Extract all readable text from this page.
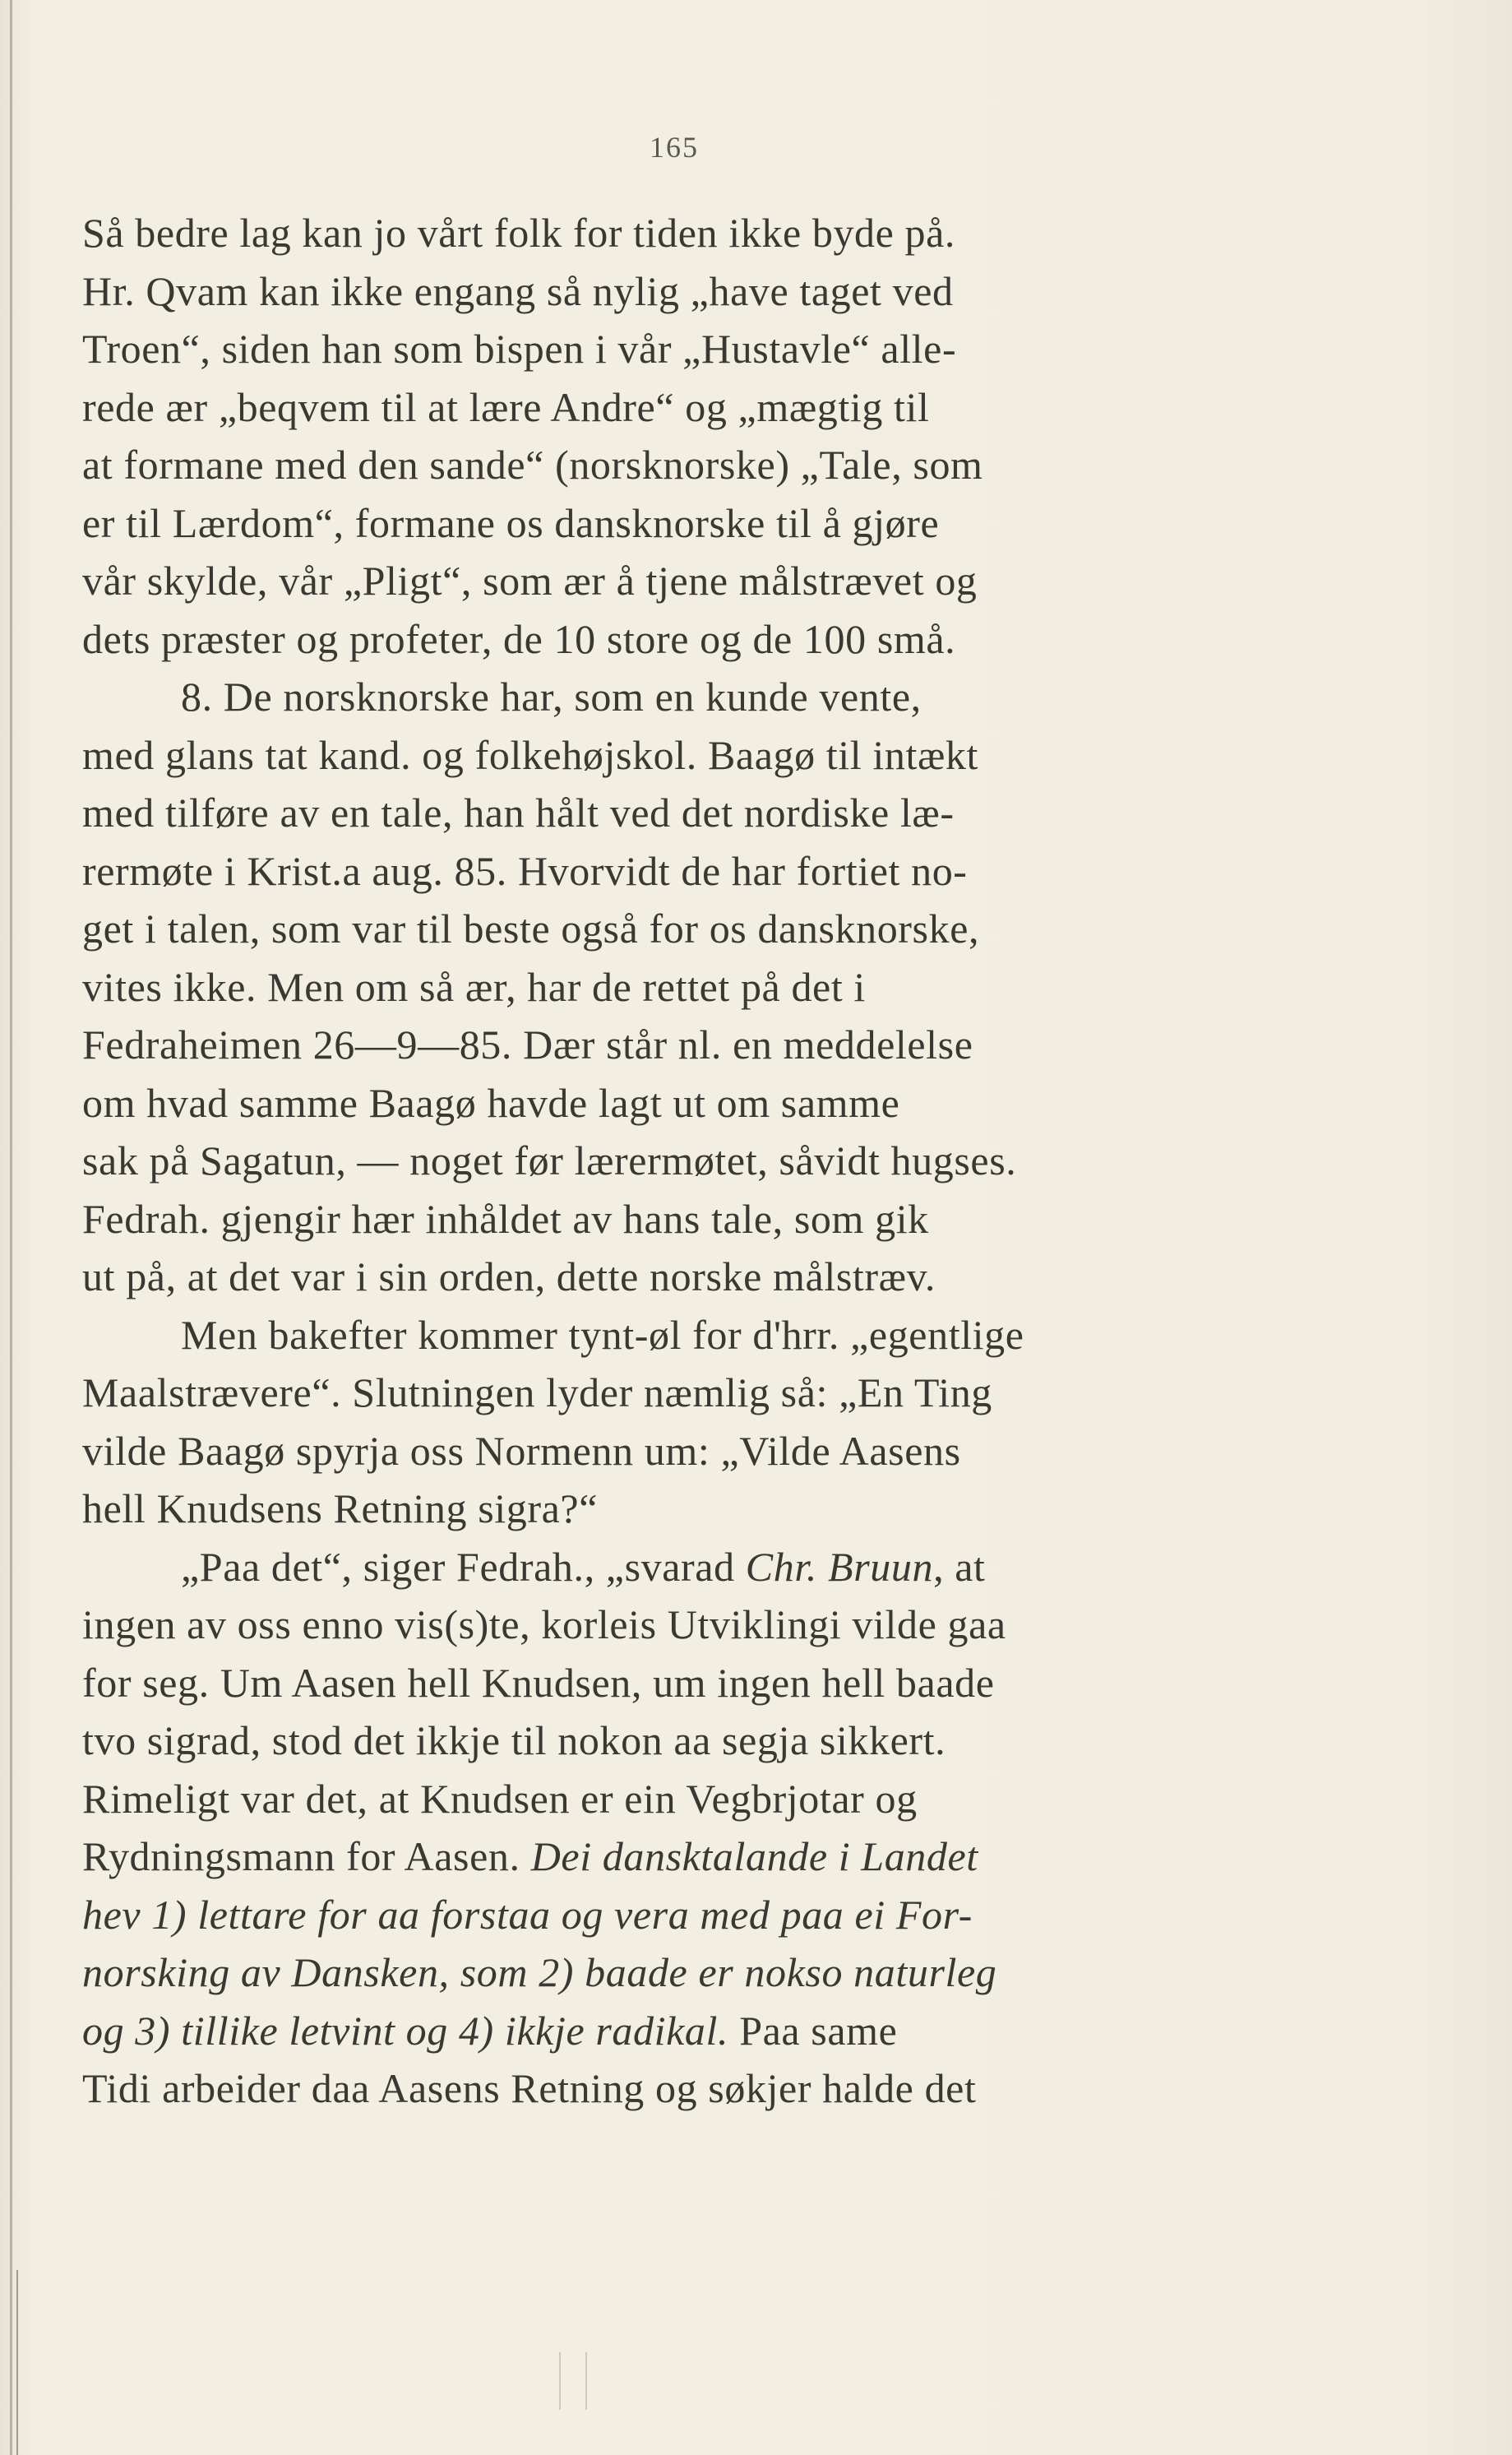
165
Så bedre lag kan jo vårt folk for tiden ikke byde på.
Hr. Qvam kan ikke engang så nylig „have taget ved
Troen“, siden han som bispen i vår „Hustavle“ alle-
rede ær „beqvem til at lære Andre“ og „mægtig til
at formane med den sande“ (norsknorske) „Tale, som
er til Lærdom“, formane os dansknorske til å gjøre
vår skylde, vår „Pligt“, som ær å tjene målstrævet og
dets præster og profeter, de 10 store og de 100 små.
8. De norsknorske har, som en kunde vente,
med glans tat kand. og folkehøjskol. Baagø til intækt
med tilføre av en tale, han hålt ved det nordiske læ-
rermøte i Krist.a aug. 85. Hvorvidt de har fortiet no-
get i talen, som var til beste også for os dansknorske,
vites ikke. Men om så ær, har de rettet på det i
Fedraheimen 26—9—85. Dær står nl. en meddelelse
om hvad samme Baagø havde lagt ut om samme
sak på Sagatun, — noget før lærermøtet, såvidt hugses.
Fedrah. gjengir hær inhåldet av hans tale, som gik
ut på, at det var i sin orden, dette norske målstræv.
Men bakefter kommer tynt-øl for d'hrr. „egentlige
Maalstrævere“. Slutningen lyder næmlig så: „En Ting
vilde Baagø spyrja oss Normenn um: „Vilde Aasens
hell Knudsens Retning sigra?“
„Paa det“, siger Fedrah., „svarad Chr. Bruun, at
ingen av oss enno vis(s)te, korleis Utviklingi vilde gaa
for seg. Um Aasen hell Knudsen, um ingen hell baade
tvo sigrad, stod det ikkje til nokon aa segja sikkert.
Rimeligt var det, at Knudsen er ein Vegbrjotar og
Rydningsmann for Aasen. Dei dansktalande i Landet
hev 1) lettare for aa forstaa og vera med paa ei For-
norsking av Dansken, som 2) baade er nokso naturleg
og 3) tillike letvint og 4) ikkje radikal. Paa same
Tidi arbeider daa Aasens Retning og søkjer halde det
